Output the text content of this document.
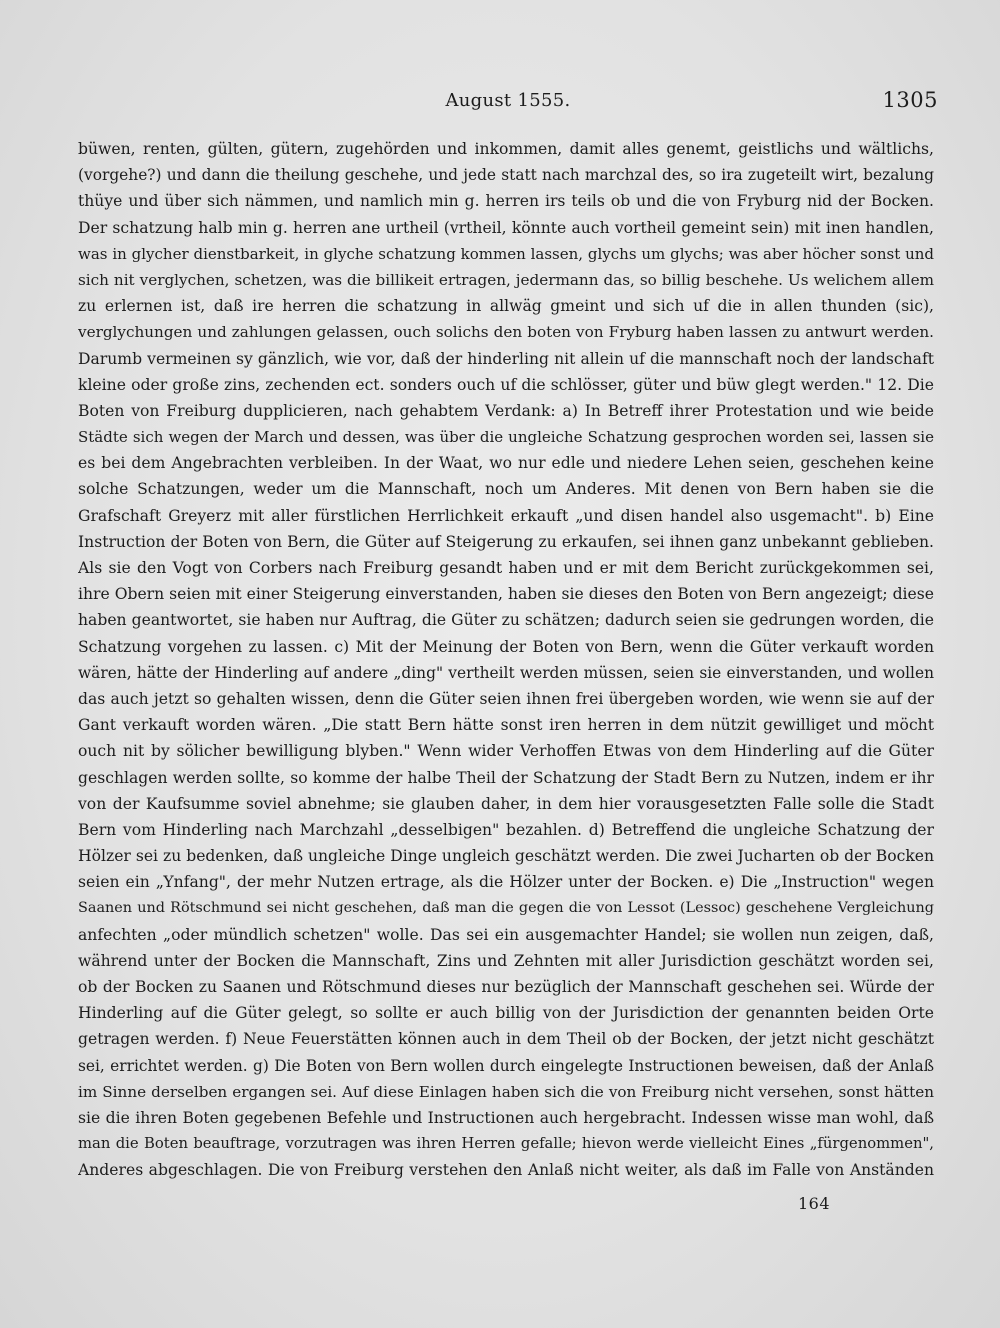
August 1555.	1305
büwen, renten, gülten, gütern, zugehörden und inkommen, damit alles genemt, geistlichs und wältlichs,
(vorgehe?) und dann die theilung geschehe, und jede statt nach marchzal des, so ira zugeteilt wirt, bezalung
thüye und über sich nämmen, und namlich min g. herren irs teils ob und die von Fryburg nid der Bocken.
Der schatzung halb min g. herren ane urtheil (vrtheil, könnte auch vortheil gemeint sein) mit inen handlen,
was in glycher dienstbarkeit, in glyche schatzung kommen lassen, glychs um glychs; was aber höcher sonst und
sich nit verglychen, schetzen, was die billikeit ertragen, jedermann das, so billig beschehe. Us welichem allem
zu erlernen ist, daß ire herren die schatzung in allwäg gmeint und sich uf die in allen thunden (sic),
verglychungen und zahlungen gelassen, ouch solichs den boten von Fryburg haben lassen zu antwurt werden.
Darumb vermeinen sy gänzlich, wie vor, daß der hinderling nit allein uf die mannschaft noch der landschaft
kleine oder große zins, zechenden ect. sonders ouch uf die schlösser, güter und büw glegt werden." 12. Die
Boten von Freiburg dupplicieren, nach gehabtem Verdank: a) In Betreff ihrer Protestation und wie beide
Städte sich wegen der March und dessen, was über die ungleiche Schatzung gesprochen worden sei, lassen sie
es bei dem Angebrachten verbleiben. In der Waat, wo nur edle und niedere Lehen seien, geschehen keine
solche Schatzungen, weder um die Mannschaft, noch um Anderes. Mit denen von Bern haben sie die
Grafschaft Greyerz mit aller fürstlichen Herrlichkeit erkauft „und disen handel also usgemacht". b) Eine
Instruction der Boten von Bern, die Güter auf Steigerung zu erkaufen, sei ihnen ganz unbekannt geblieben.
Als sie den Vogt von Corbers nach Freiburg gesandt haben und er mit dem Bericht zurückgekommen sei,
ihre Obern seien mit einer Steigerung einverstanden, haben sie dieses den Boten von Bern angezeigt; diese
haben geantwortet, sie haben nur Auftrag, die Güter zu schätzen; dadurch seien sie gedrungen worden, die
Schatzung vorgehen zu lassen. c) Mit der Meinung der Boten von Bern, wenn die Güter verkauft worden
wären, hätte der Hinderling auf andere „ding" vertheilt werden müssen, seien sie einverstanden, und wollen
das auch jetzt so gehalten wissen, denn die Güter seien ihnen frei übergeben worden, wie wenn sie auf der
Gant verkauft worden wären. „Die statt Bern hätte sonst iren herren in dem nützit gewilliget und möcht
ouch nit by sölicher bewilligung blyben." Wenn wider Verhoffen Etwas von dem Hinderling auf die Güter
geschlagen werden sollte, so komme der halbe Theil der Schatzung der Stadt Bern zu Nutzen, indem er ihr
von der Kaufsumme soviel abnehme; sie glauben daher, in dem hier vorausgesetzten Falle solle die Stadt
Bern vom Hinderling nach Marchzahl „desselbigen" bezahlen. d) Betreffend die ungleiche Schatzung der
Hölzer sei zu bedenken, daß ungleiche Dinge ungleich geschätzt werden. Die zwei Jucharten ob der Bocken
seien ein „Ynfang", der mehr Nutzen ertrage, als die Hölzer unter der Bocken. e) Die „Instruction" wegen
Saanen und Rötschmund sei nicht geschehen, daß man die gegen die von Lessot (Lessoc) geschehene Vergleichung
anfechten „oder mündlich schetzen" wolle. Das sei ein ausgemachter Handel; sie wollen nun zeigen, daß,
während unter der Bocken die Mannschaft, Zins und Zehnten mit aller Jurisdiction geschätzt worden sei,
ob der Bocken zu Saanen und Rötschmund dieses nur bezüglich der Mannschaft geschehen sei. Würde der
Hinderling auf die Güter gelegt, so sollte er auch billig von der Jurisdiction der genannten beiden Orte
getragen werden. f) Neue Feuerstätten können auch in dem Theil ob der Bocken, der jetzt nicht geschätzt
sei, errichtet werden. g) Die Boten von Bern wollen durch eingelegte Instructionen beweisen, daß der Anlaß
im Sinne derselben ergangen sei. Auf diese Einlagen haben sich die von Freiburg nicht versehen, sonst hätten
sie die ihren Boten gegebenen Befehle und Instructionen auch hergebracht. Indessen wisse man wohl, daß
man die Boten beauftrage, vorzutragen was ihren Herren gefalle; hievon werde vielleicht Eines „fürgenommen",
Anderes abgeschlagen. Die von Freiburg verstehen den Anlaß nicht weiter, als daß im Falle von Anständen
164
